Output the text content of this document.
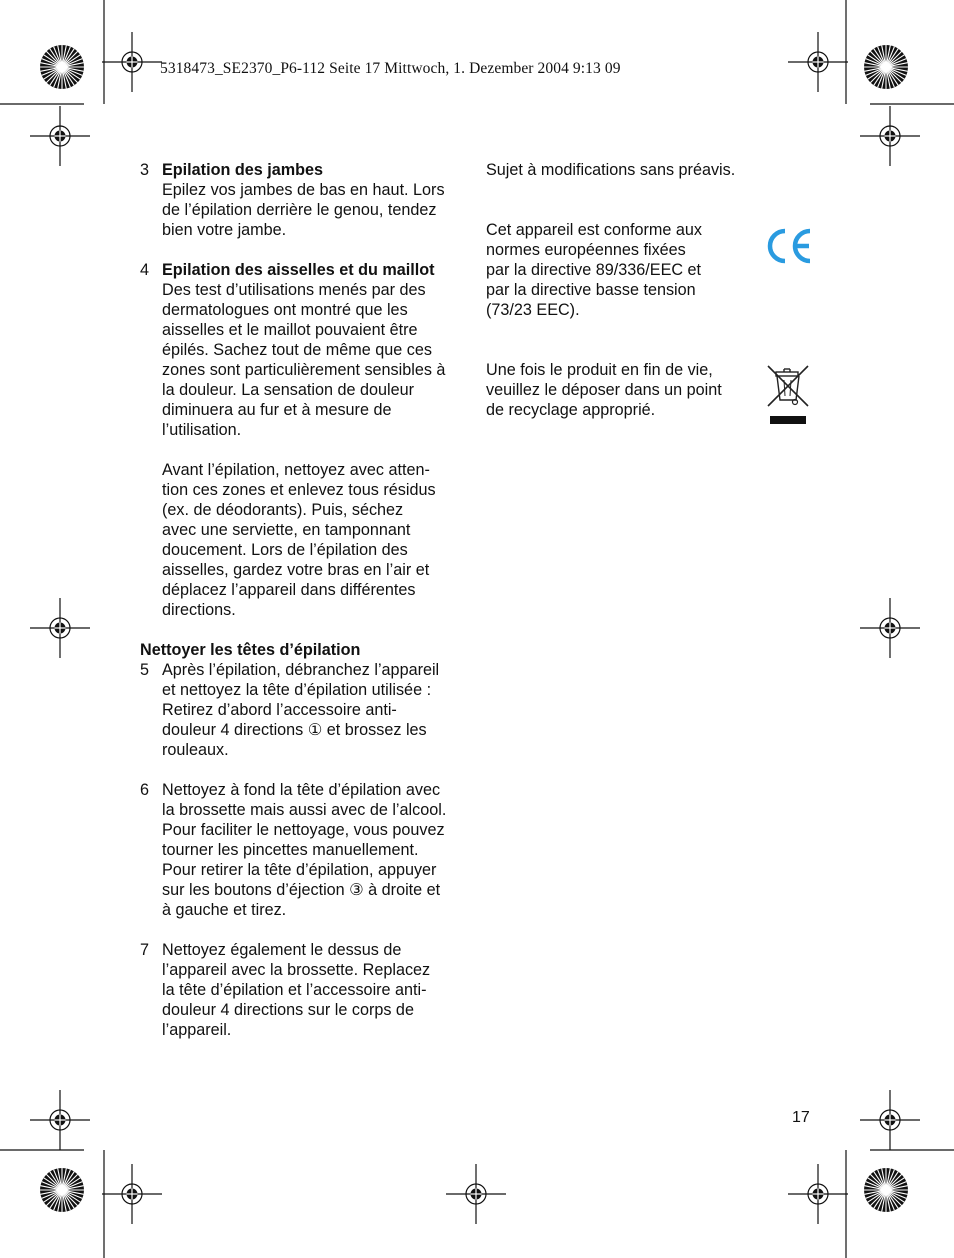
5318473_SE2370_P6-112 Seite 17 Mittwoch, 1. Dezember 2004 9:13 09
3 Epilation des jambes
Epilez vos jambes de bas en haut. Lors
de l’épilation derrière le genou, tendez
bien votre jambe.
4 Epilation des aisselles et du maillot
Des test d’utilisations menés par des
dermatologues ont montré que les
aisselles et le maillot pouvaient être
épilés. Sachez tout de même que ces
zones sont particulièrement sensibles à
la douleur. La sensation de douleur
diminuera au fur et à mesure de
l’utilisation.
Avant l’épilation, nettoyez avec atten-
tion ces zones et enlevez tous résidus
(ex. de déodorants). Puis, séchez
avec une serviette, en tamponnant
doucement. Lors de l’épilation des
aisselles, gardez votre bras en l’air et
déplacez l’appareil dans différentes
directions.
Nettoyer les têtes d’épilation
5 Après l’épilation, débranchez l’appareil
et nettoyez la tête d’épilation utilisée :
Retirez d’abord l’accessoire anti-
douleur 4 directions ① et brossez les
rouleaux.
6 Nettoyez à fond la tête d’épilation avec
la brossette mais aussi avec de l’alcool.
Pour faciliter le nettoyage, vous pouvez
tourner les pincettes manuellement.
Pour retirer la tête d’épilation, appuyer
sur les boutons d’éjection ③ à droite et
à gauche et tirez.
7 Nettoyez également le dessus de
l’appareil avec la brossette. Replacez
la tête d’épilation et l’accessoire anti-
douleur 4 directions sur le corps de
l’appareil.
Sujet à modifications sans préavis.
Cet appareil est conforme aux
normes européennes fixées
par la directive 89/336/EEC et
par la directive basse tension
(73/23 EEC).
Une fois le produit en fin de vie,
veuillez le déposer dans un point
de recyclage approprié.
17
